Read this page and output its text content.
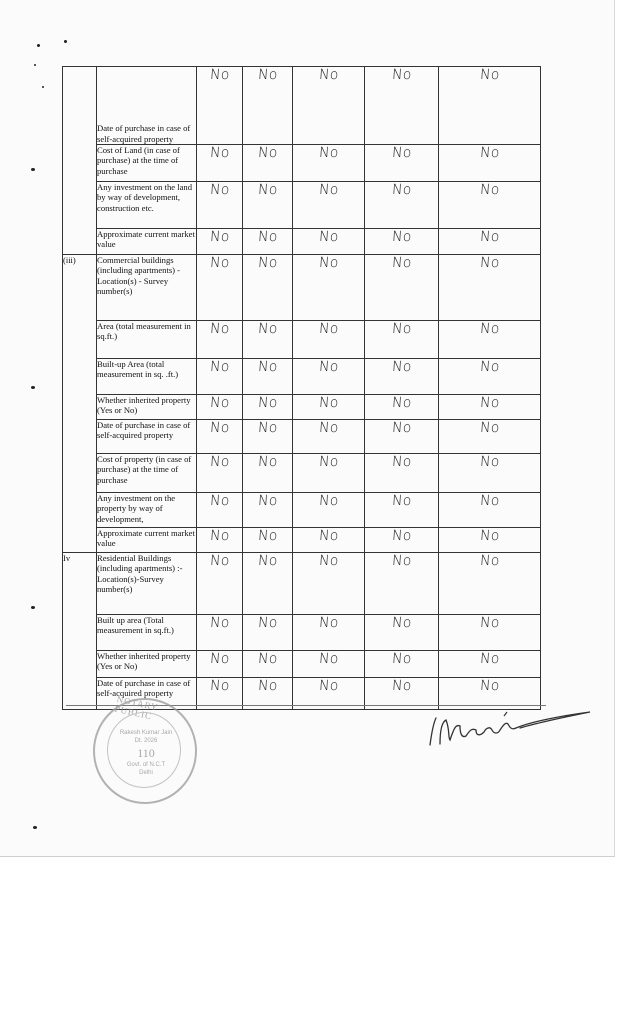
	Date of purchase in case of self-acquired property	No	No	No	No	No
	Cost of Land (in case of purchase) at the time of purchase	No	No	No	No	No
	Any investment on the land by way of development, construction etc.	No	No	No	No	No
	Approximate current market value	No	No	No	No	No
(iii)	Commercial buildings (including apartments) - Location(s) - Survey number(s)	No	No	No	No	No
	Area (total measurement in sq.ft.)	No	No	No	No	No
	Built-up Area (total measurement in sq. .ft.)	No	No	No	No	No
	Whether inherited property (Yes or No)	No	No	No	No	No
	Date of purchase in case of self-acquired property	No	No	No	No	No
	Cost of property (in case of purchase) at the time of purchase	No	No	No	No	No
	Any investment on the property by way of development,	No	No	No	No	No
	Approximate current market value	No	No	No	No	No
Iv	Residential Buildings (including apartments) :- Location(s)-Survey number(s)	No	No	No	No	No
	Built up area (Total measurement in sq.ft.)	No	No	No	No	No
	Whether inherited property (Yes or No)	No	No	No	No	No
	Date of purchase in case of self-acquired property	No	No	No	No	No
NOTARY PUBLIC
Rakesh Kumar Jain
Dt. 2026
110
Govt. of N.C.T
Delhi
